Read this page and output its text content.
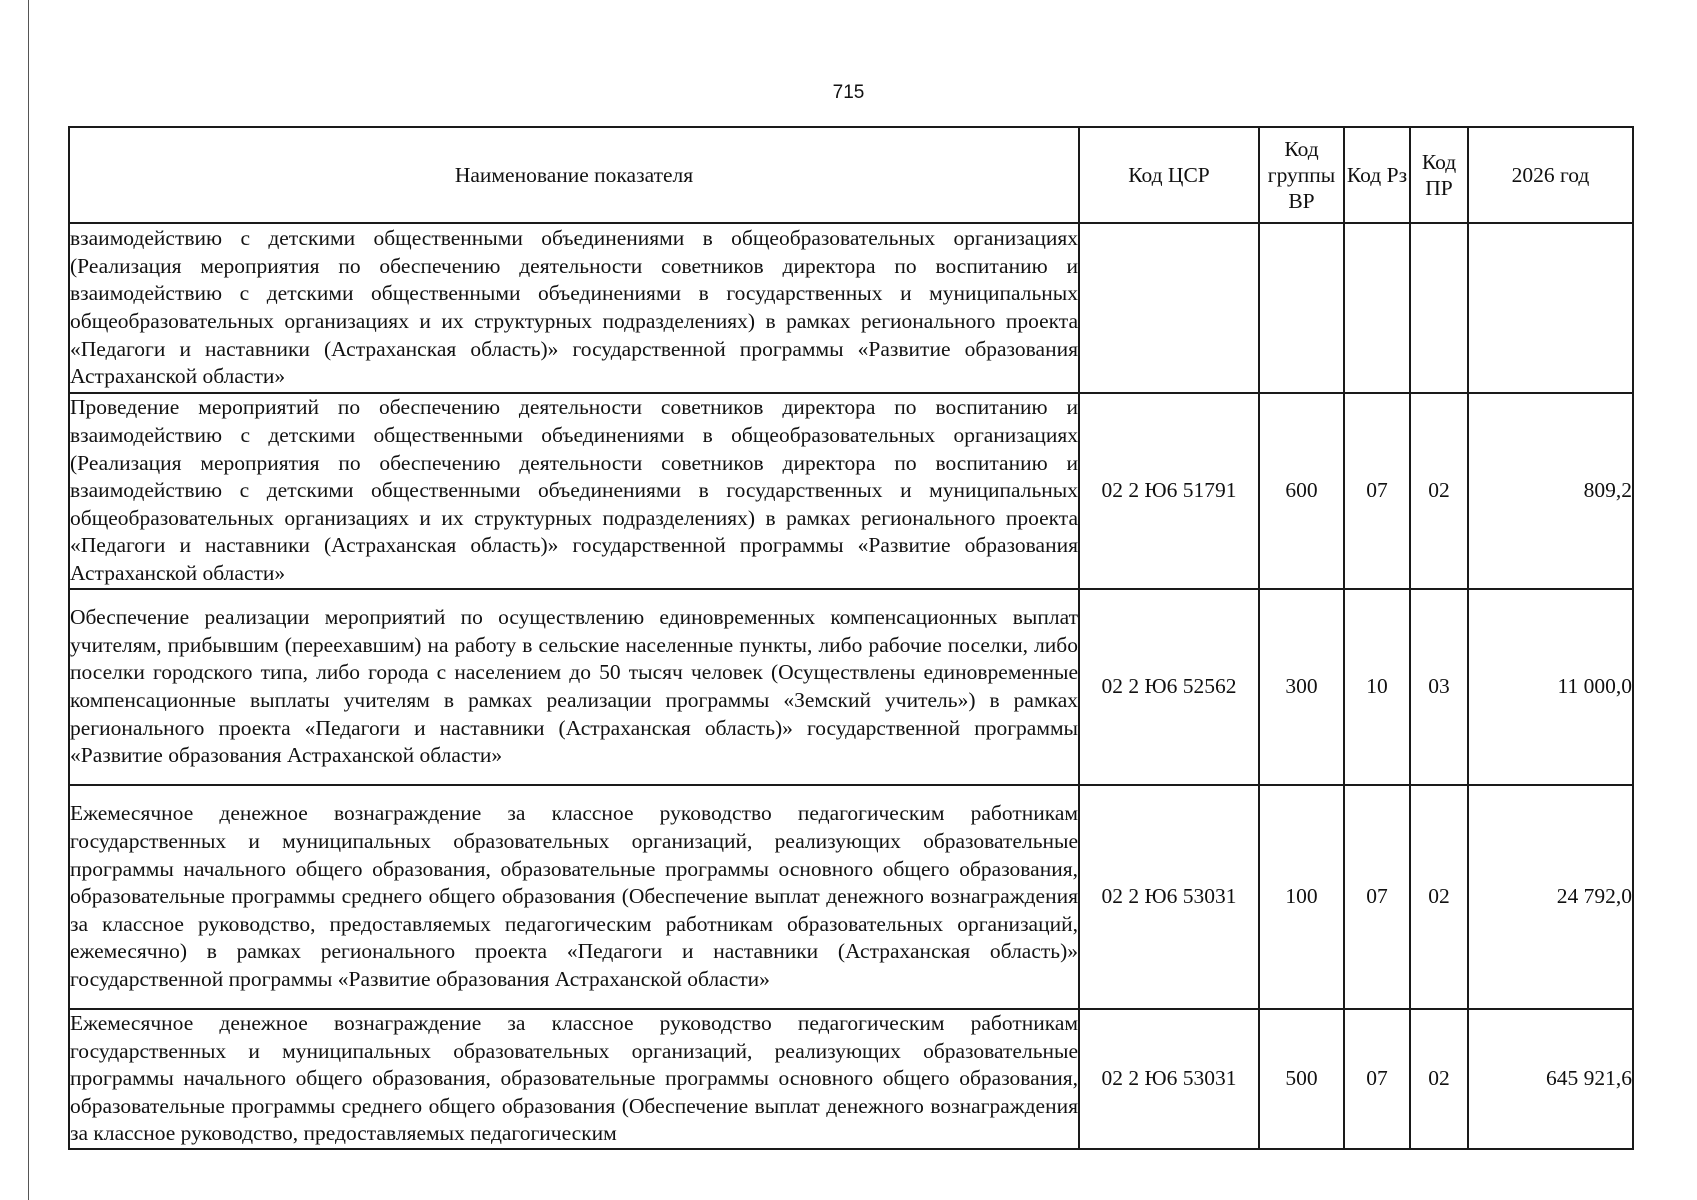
715
Наименование показателя	Код ЦСР	Код группы ВР	Код Рз	Код ПР	2026 год
взаимодействию с детскими общественными объединениями в общеобразовательных организациях (Реализация мероприятия по обеспечению деятельности советников директора по воспитанию и взаимодействию с детскими общественными объединениями в государственных и муниципальных общеобразовательных организациях и их структурных подразделениях) в рамках регионального проекта «Педагоги и наставники (Астраханская область)» государственной программы «Развитие образования Астраханской области»					
Проведение мероприятий по обеспечению деятельности советников директора по воспитанию и взаимодействию с детскими общественными объединениями в общеобразовательных организациях (Реализация мероприятия по обеспечению деятельности советников директора по воспитанию и взаимодействию с детскими общественными объединениями в государственных и муниципальных общеобразовательных организациях и их структурных подразделениях) в рамках регионального проекта «Педагоги и наставники (Астраханская область)» государственной программы «Развитие образования Астраханской области»	02 2 Ю6 51791	600	07	02	809,2
Обеспечение реализации мероприятий по осуществлению единовременных компенсационных выплат учителям, прибывшим (переехавшим) на работу в сельские населенные пункты, либо рабочие поселки, либо поселки городского типа, либо города с населением до 50 тысяч человек (Осуществлены единовременные компенсационные выплаты учителям в рамках реализации программы «Земский учитель») в рамках регионального проекта «Педагоги и наставники (Астраханская область)» государственной программы «Развитие образования Астраханской области»	02 2 Ю6 52562	300	10	03	11 000,0
Ежемесячное денежное вознаграждение за классное руководство педагогическим работникам государственных и муниципальных образовательных организаций, реализующих образовательные программы начального общего образования, образовательные программы основного общего образования, образовательные программы среднего общего образования (Обеспечение выплат денежного вознаграждения за классное руководство, предоставляемых педагогическим работникам образовательных организаций, ежемесячно) в рамках регионального проекта «Педагоги и наставники (Астраханская область)» государственной программы «Развитие образования Астраханской области»	02 2 Ю6 53031	100	07	02	24 792,0
Ежемесячное денежное вознаграждение за классное руководство педагогическим работникам государственных и муниципальных образовательных организаций, реализующих образовательные программы начального общего образования, образовательные программы основного общего образования, образовательные программы среднего общего образования (Обеспечение выплат денежного вознаграждения за классное руководство, предоставляемых педагогическим	02 2 Ю6 53031	500	07	02	645 921,6
